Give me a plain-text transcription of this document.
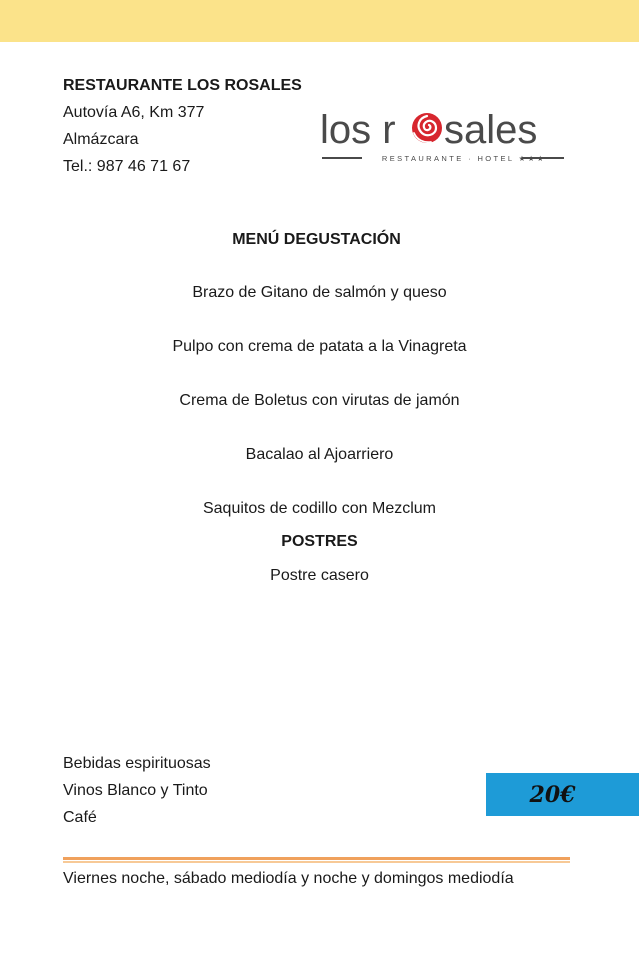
RESTAURANTE LOS ROSALES
Autovía A6, Km 377
Almázcara
Tel.: 987 46 71 67
los r sales
RESTAURANTE · HOTEL ★★★
MENÚ DEGUSTACIÓN
Brazo de Gitano de salmón y queso
Pulpo con crema de patata a la Vinagreta
Crema de Boletus con virutas de jamón
Bacalao al Ajoarriero
Saquitos de codillo con Mezclum
POSTRES
Postre casero
Bebidas espirituosas
Vinos Blanco y Tinto
Café
20€
Viernes noche, sábado mediodía y noche y domingos mediodía
